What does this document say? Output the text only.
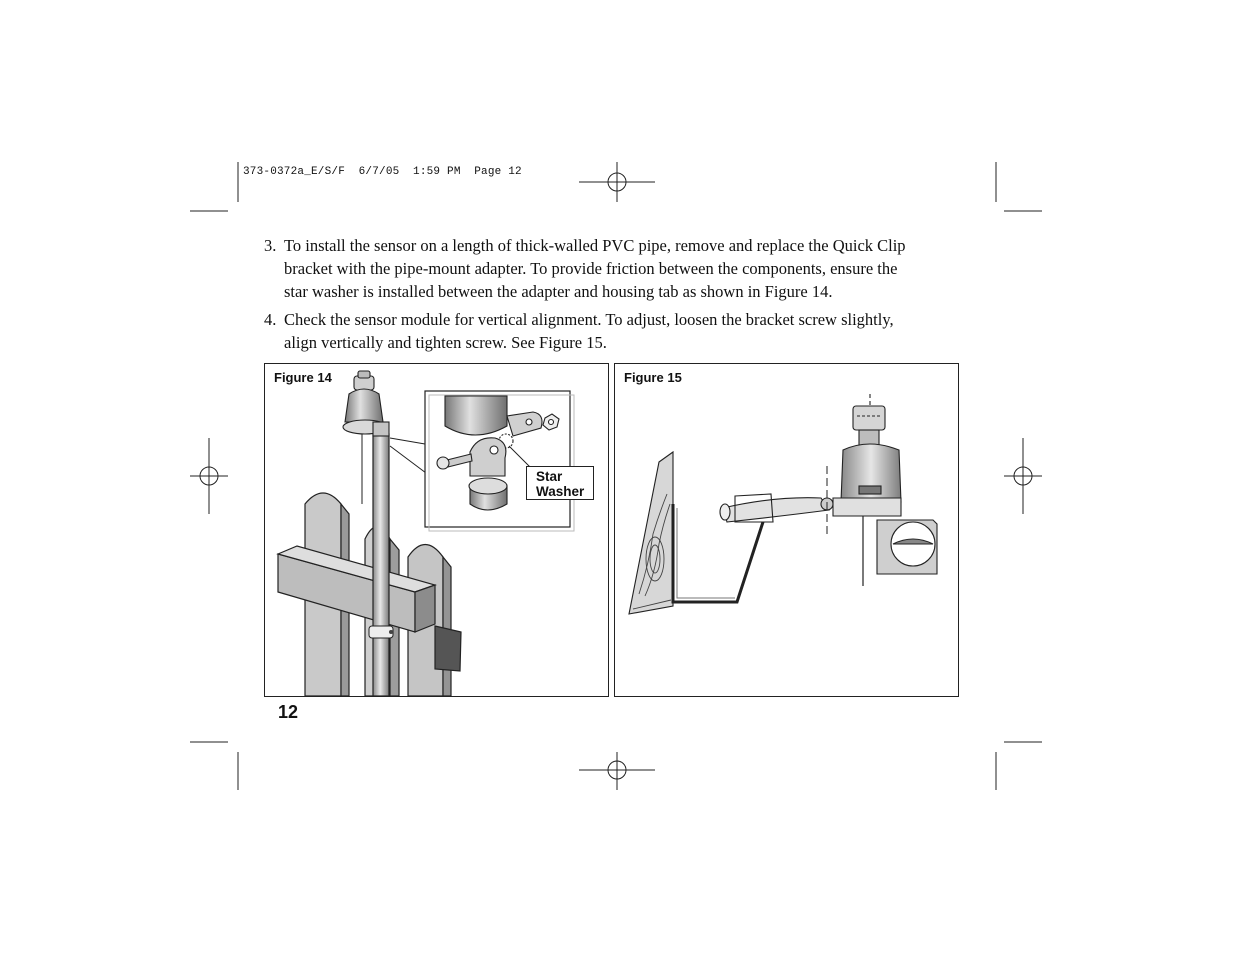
373-0372a_E/S/F  6/7/05  1:59 PM  Page 12
3. To install the sensor on a length of thick-walled PVC pipe, remove and replace the Quick Clip
bracket with the pipe-mount adapter. To provide friction between the components, ensure the
star washer is installed between the adapter and housing tab as shown in Figure 14.
4. Check the sensor module for vertical alignment. To adjust, loosen the bracket screw slightly,
align vertically and tighten screw. See Figure 15.
Figure 14
Star
Washer
Figure 15
12
